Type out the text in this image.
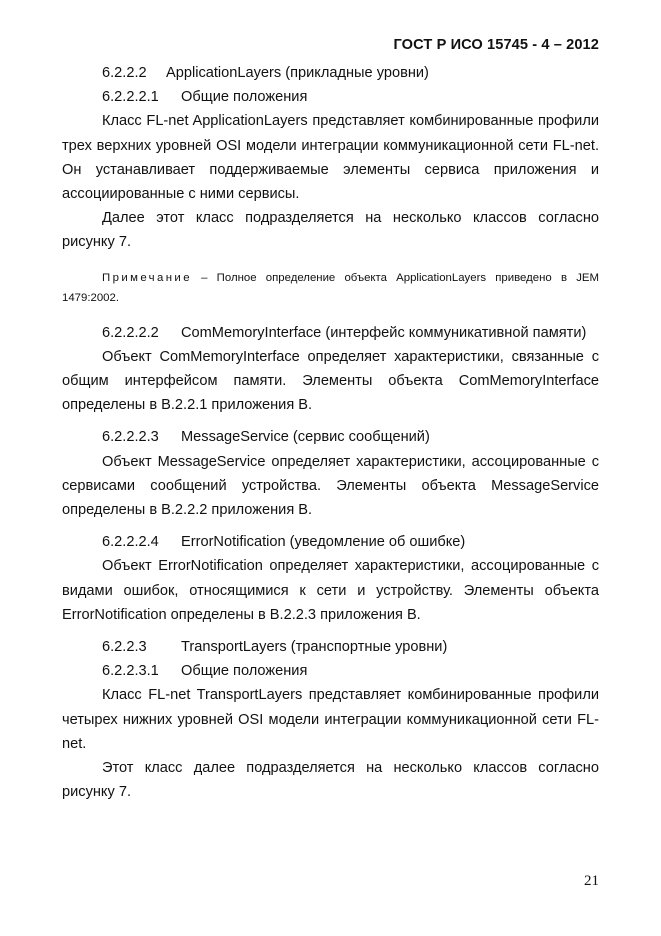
ГОСТ Р ИСО 15745 - 4 – 2012
6.2.2.2 ApplicationLayers (прикладные уровни)
6.2.2.2.1 Общие положения

Класс FL-net ApplicationLayers представляет комбинированные профили трех верхних уровней OSI модели интеграции коммуникационной сети FL-net. Он устанавливает поддерживаемые элементы сервиса приложения и ассоциированные с ними сервисы.

Далее этот класс подразделяется на несколько классов согласно рисунку 7.

Примечание – Полное определение объекта ApplicationLayers приведено в JEM 1479:2002.

6.2.2.2.2 ComMemoryInterface (интерфейс коммуникативной памяти)

Объект ComMemoryInterface определяет характеристики, связанные с общим интерфейсом памяти. Элементы объекта ComMemoryInterface определены в B.2.2.1 приложения B.

6.2.2.2.3 MessageService (сервис сообщений)

Объект MessageService определяет характеристики, ассоцированные с сервисами сообщений устройства. Элементы объекта MessageService определены в B.2.2.2 приложения B.

6.2.2.2.4 ErrorNotification (уведомление об ошибке)

Объект ErrorNotification определяет характеристики, ассоцированные с видами ошибок, относящимися к сети и устройству. Элементы объекта ErrorNotification определены в B.2.2.3 приложения B.

6.2.2.3 TransportLayers (транспортные уровни)
6.2.2.3.1 Общие положения

Класс FL-net TransportLayers представляет комбинированные профили четырех нижних уровней OSI модели интеграции коммуникационной сети FL-net.

Этот класс далее подразделяется на несколько классов согласно рисунку 7.

21
